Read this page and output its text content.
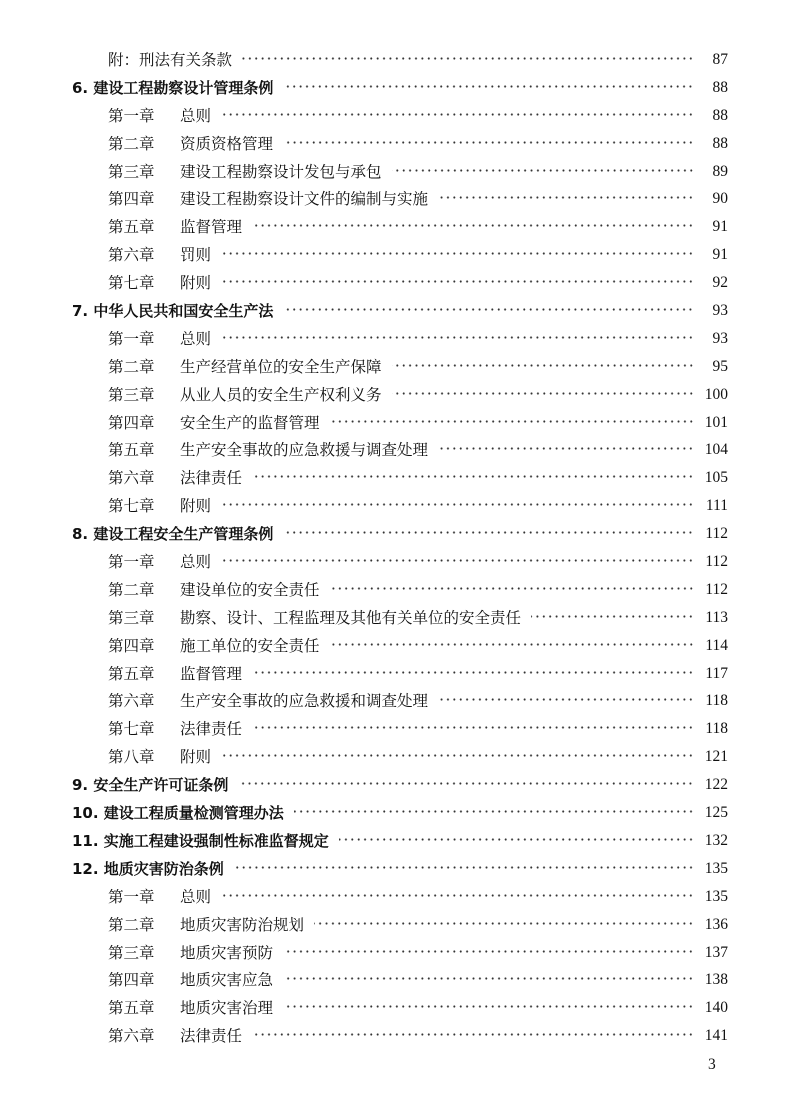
附：刑法有关条款	87
6. 建设工程勘察设计管理条例	88
第一章 总则	88
第二章 资质资格管理	88
第三章 建设工程勘察设计发包与承包	89
第四章 建设工程勘察设计文件的编制与实施	90
第五章 监督管理	91
第六章 罚则	91
第七章 附则	92
7. 中华人民共和国安全生产法	93
第一章 总则	93
第二章 生产经营单位的安全生产保障	95
第三章 从业人员的安全生产权利义务	100
第四章 安全生产的监督管理	101
第五章 生产安全事故的应急救援与调查处理	104
第六章 法律责任	105
第七章 附则	111
8. 建设工程安全生产管理条例	112
第一章 总则	112
第二章 建设单位的安全责任	112
第三章 勘察、设计、工程监理及其他有关单位的安全责任	113
第四章 施工单位的安全责任	114
第五章 监督管理	117
第六章 生产安全事故的应急救援和调查处理	118
第七章 法律责任	118
第八章 附则	121
9. 安全生产许可证条例	122
10. 建设工程质量检测管理办法	125
11. 实施工程建设强制性标准监督规定	132
12. 地质灾害防治条例	135
第一章 总则	135
第二章 地质灾害防治规划	136
第三章 地质灾害预防	137
第四章 地质灾害应急	138
第五章 地质灾害治理	140
第六章 法律责任	141
3
